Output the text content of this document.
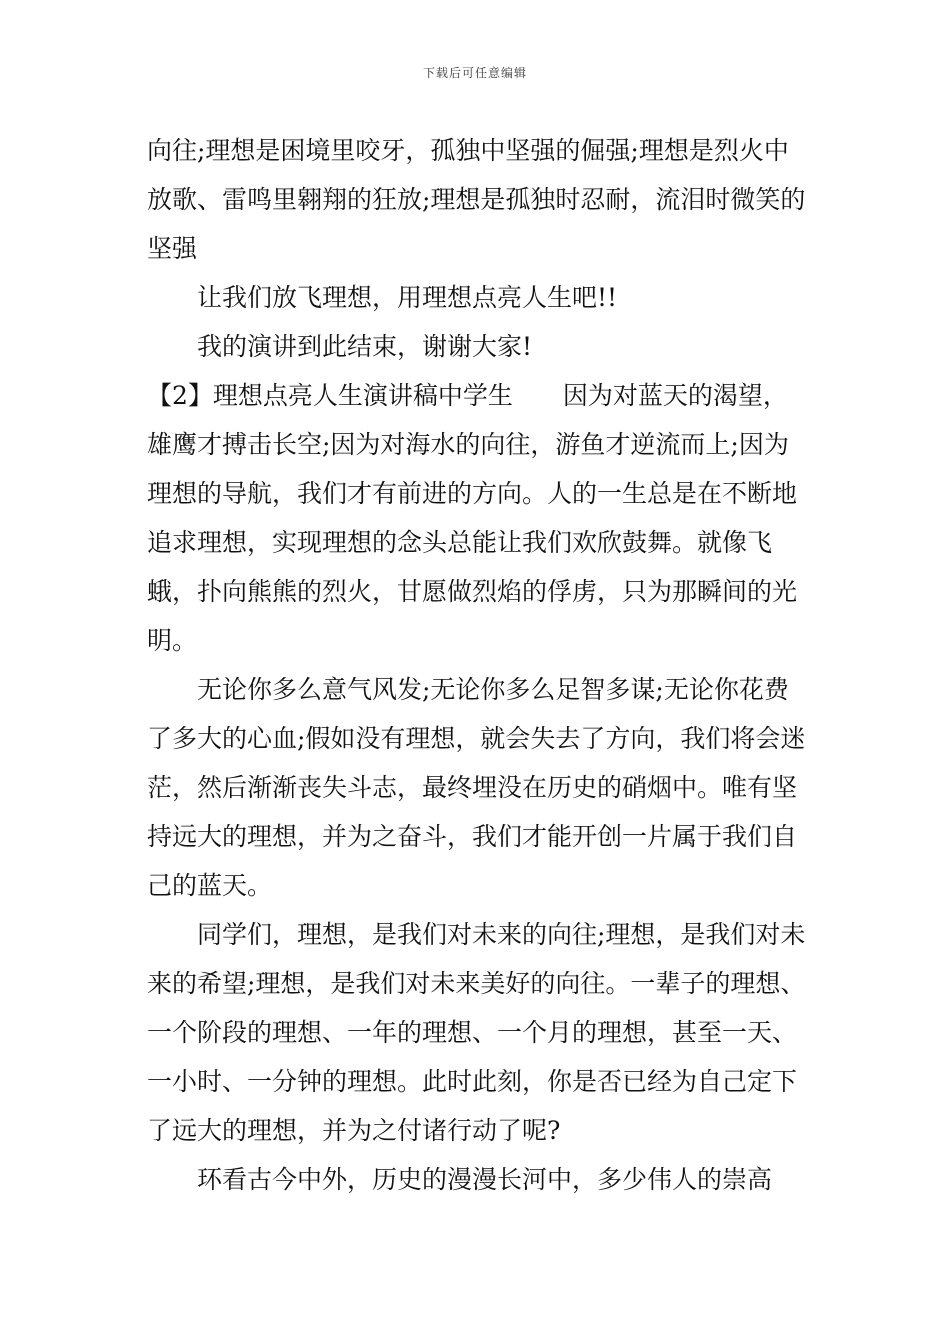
下载后可任意编辑

向往;理想是困境里咬牙，孤独中坚强的倔强;理想是烈火中放歌、雷鸣里翱翔的狂放;理想是孤独时忍耐，流泪时微笑的坚强

让我们放飞理想，用理想点亮人生吧!!

我的演讲到此结束，谢谢大家!

【2】理想点亮人生演讲稿中学生　　因为对蓝天的渴望，雄鹰才搏击长空;因为对海水的向往，游鱼才逆流而上;因为理想的导航，我们才有前进的方向。人的一生总是在不断地追求理想，实现理想的念头总能让我们欢欣鼓舞。就像飞蛾，扑向熊熊的烈火，甘愿做烈焰的俘虏，只为那瞬间的光明。

无论你多么意气风发;无论你多么足智多谋;无论你花费了多大的心血;假如没有理想，就会失去了方向，我们将会迷茫，然后渐渐丧失斗志，最终埋没在历史的硝烟中。唯有坚持远大的理想，并为之奋斗，我们才能开创一片属于我们自己的蓝天。

同学们，理想，是我们对未来的向往;理想，是我们对未来的希望;理想，是我们对未来美好的向往。一辈子的理想、一个阶段的理想、一年的理想、一个月的理想，甚至一天、一小时、一分钟的理想。此时此刻，你是否已经为自己定下了远大的理想，并为之付诸行动了呢?

环看古今中外，历史的漫漫长河中，多少伟人的崇高
